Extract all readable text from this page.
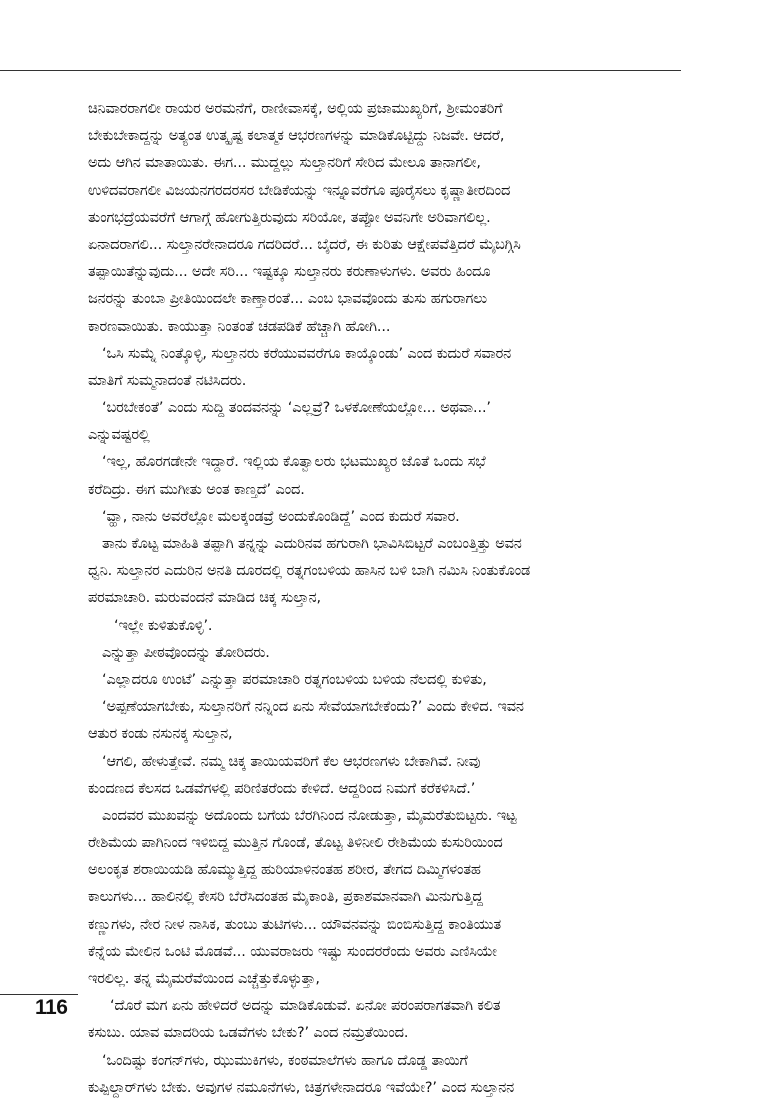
ಚಿನಿವಾರರಾಗಲೀ ರಾಯರ ಅರಮನೆಗೆ, ರಾಣೀವಾಸಕ್ಕೆ, ಅಲ್ಲಿಯ ಪ್ರಜಾಮುಖ್ಯರಿಗೆ, ಶ್ರೀಮಂತರಿಗೆ
ಬೇಕುಬೇಕಾದ್ದನ್ನು ಅತ್ಯಂತ ಉತ್ಕೃಷ್ಟ ಕಲಾತ್ಮಕ ಆಭರಣಗಳನ್ನು ಮಾಡಿಕೊಟ್ಟಿದ್ದು ನಿಜವೇ. ಆದರೆ,
ಅದು ಆಗಿನ ಮಾತಾಯಿತು. ಈಗ... ಮುದ್ದಲ್ಲು ಸುಲ್ತಾನರಿಗೆ ಸೇರಿದ ಮೇಲೂ ತಾನಾಗಲೀ,
ಉಳಿದವರಾಗಲೀ ವಿಜಯನಗರದರಸರ ಬೇಡಿಕೆಯನ್ನು ಇನ್ನೂವರೆಗೂ ಪೂರೈಸಲು ಕೃಷ್ಣಾತೀರದಿಂದ
ತುಂಗಭದ್ರೆಯವರೆಗೆ ಆಗಾಗ್ಗೆ ಹೋಗುತ್ತಿರುವುದು ಸರಿಯೋ, ತಪ್ಪೋ ಅವನಿಗೇ ಅರಿವಾಗಲಿಲ್ಲ.
ಏನಾದರಾಗಲಿ... ಸುಲ್ತಾನರೇನಾದರೂ ಗದರಿದರೆ... ಬೈದರೆ, ಈ ಕುರಿತು ಆಕ್ಷೇಪವೆತ್ತಿದರೆ ಮೈಬಗ್ಗಿಸಿ
ತಪ್ಪಾಯಿತೆನ್ನುವುದು... ಅದೇ ಸರಿ... ಇಷ್ಟಕ್ಕೂ ಸುಲ್ತಾನರು ಕರುಣಾಳುಗಳು. ಅವರು ಹಿಂದೂ
ಜನರನ್ನು ತುಂಬಾ ಪ್ರೀತಿಯಿಂದಲೇ ಕಾಣ್ತಾರಂತೆ... ಎಂಬ ಭಾವವೊಂದು ತುಸು ಹಗುರಾಗಲು
ಕಾರಣವಾಯಿತು. ಕಾಯುತ್ತಾ ನಿಂತಂತೆ ಚಡಪಡಿಕೆ ಹೆಚ್ಚಾಗಿ ಹೋಗಿ...
‘ಒಸಿ ಸುಮ್ನೆ ನಿಂತ್ಕೊಳ್ಳಿ, ಸುಲ್ತಾನರು ಕರೆಯುವವರೆಗೂ ಕಾಯ್ಕೊಂಡು’ ಎಂದ ಕುದುರೆ ಸವಾರನ
ಮಾತಿಗೆ ಸುಮ್ಮನಾದಂತೆ ನಟಿಸಿದರು.
‘ಬರಬೇಕಂತೆ’ ಎಂದು ಸುದ್ದಿ ತಂದವನನ್ನು ‘ಎಲ್ಲವ್ರೆ? ಒಳಕೋಣೆಯಲ್ಲೋ... ಅಥವಾ...’
ಎನ್ನುವಷ್ಟರಲ್ಲಿ
‘ಇಲ್ಲ, ಹೊರಗಡೇನೇ ಇದ್ದಾರೆ. ಇಲ್ಲಿಯ ಕೊತ್ವಾಲರು ಭಟಮುಖ್ಯರ ಜೊತೆ ಒಂದು ಸಭೆ
ಕರೆದಿದ್ರು. ಈಗ ಮುಗೀತು ಅಂತ ಕಾಣ್ತದೆ’ ಎಂದ.
‘ವ್ಹಾ, ನಾನು ಅವರೆಲ್ಲೋ ಮಲಕ್ಕಂಡವ್ರೆ ಅಂದುಕೊಂಡಿದ್ದೆ’ ಎಂದ ಕುದುರೆ ಸವಾರ.
ತಾನು ಕೊಟ್ಟ ಮಾಹಿತಿ ತಪ್ಪಾಗಿ ತನ್ನನ್ನು ಎದುರಿನವ ಹಗುರಾಗಿ ಭಾವಿಸಿಬಿಟ್ಟರೆ ಎಂಬಂತ್ತಿತ್ತು ಅವನ
ಧ್ವನಿ. ಸುಲ್ತಾನರ ಎದುರಿನ ಅನತಿ ದೂರದಲ್ಲಿ ರತ್ನಗಂಬಳಿಯ ಹಾಸಿನ ಬಳಿ ಬಾಗಿ ನಮಿಸಿ ನಿಂತುಕೊಂಡ
ಪರಮಾಚಾರಿ. ಮರುವಂದನೆ ಮಾಡಿದ ಚಿಕ್ಕ ಸುಲ್ತಾನ,
‘ಇಲ್ಲೇ ಕುಳಿತುಕೊಳ್ಳಿ’.
ಎನ್ನುತ್ತಾ ಪೀಠವೊಂದನ್ನು ತೋರಿದರು.
‘ಎಲ್ಲಾದರೂ ಉಂಟೆ’ ಎನ್ನುತ್ತಾ ಪರಮಾಚಾರಿ ರತ್ನಗಂಬಳಿಯ ಬಳಿಯ ನೆಲದಲ್ಲಿ ಕುಳಿತು,
‘ಅಪ್ಪಣೆಯಾಗಬೇಕು, ಸುಲ್ತಾನರಿಗೆ ನನ್ನಿಂದ ಏನು ಸೇವೆಯಾಗಬೇಕೆಂದು?’ ಎಂದು ಕೇಳಿದ. ಇವನ
ಆತುರ ಕಂಡು ನಸುನಕ್ಕ ಸುಲ್ತಾನ,
‘ಆಗಲಿ, ಹೇಳುತ್ತೇವೆ. ನಮ್ಮ ಚಿಕ್ಕ ತಾಯಿಯವರಿಗೆ ಕೆಲ ಆಭರಣಗಳು ಬೇಕಾಗಿವೆ. ನೀವು
ಕುಂದಣದ ಕೆಲಸದ ಒಡವೆಗಳಲ್ಲಿ ಪರಿಣಿತರೆಂದು ಕೇಳಿದೆ. ಆದ್ದರಿಂದ ನಿಮಗೆ ಕರೆಕಳಿಸಿದೆ.’
ಎಂದವರ ಮುಖವನ್ನು ಅದೊಂದು ಬಗೆಯ ಬೆರಗಿನಿಂದ ನೋಡುತ್ತಾ, ಮೈಮರೆತುಬಿಟ್ಟರು. ಇಟ್ಟ
ರೇಶಿಮೆಯ ಪಾಗಿನಿಂದ ಇಳಿಬಿದ್ದ ಮುತ್ತಿನ ಗೊಂಡೆ, ತೊಟ್ಟ ತಿಳಿನೀಲಿ ರೇಶಿಮೆಯ ಕುಸುರಿಯಿಂದ
ಅಲಂಕೃತ ಶರಾಯಿಯಡಿ ಹೊಮ್ಮುತ್ತಿದ್ದ ಹುರಿಯಾಳಿನಂತಹ ಶರೀರ, ತೇಗದ ದಿಮ್ಮಿಗಳಂತಹ
ಕಾಲುಗಳು... ಹಾಲಿನಲ್ಲಿ ಕೇಸರಿ ಬೆರೆಸಿದಂತಹ ಮೈಕಾಂತಿ, ಪ್ರಕಾಶಮಾನವಾಗಿ ಮಿನುಗುತ್ತಿದ್ದ
ಕಣ್ಣುಗಳು, ನೇರ ನೀಳ ನಾಸಿಕ, ತುಂಬು ತುಟಿಗಳು... ಯೌವನವನ್ನು ಬಿಂಬಿಸುತ್ತಿದ್ದ ಕಾಂತಿಯುತ
ಕೆನ್ನೆಯ ಮೇಲಿನ ಒಂಟಿ ಮೊಡವೆ... ಯುವರಾಜರು ಇಷ್ಟು ಸುಂದರರೆಂದು ಅವರು ಎಣಿಸಿಯೇ
ಇರಲಿಲ್ಲ. ತನ್ನ ಮೈಮರೆವೆಯಿಂದ ಎಚ್ಚೆತ್ತುಕೊಳ್ಳುತ್ತಾ,
‘ದೊರೆ ಮಗ ಏನು ಹೇಳಿದರೆ ಅದನ್ನು ಮಾಡಿಕೊಡುವೆ. ಏನೋ ಪರಂಪರಾಗತವಾಗಿ ಕಲಿತ
ಕಸುಬು. ಯಾವ ಮಾದರಿಯ ಒಡವೆಗಳು ಬೇಕು?’ ಎಂದ ನಮ್ರತೆಯಿಂದ.
‘ಒಂದಿಷ್ಟು ಕಂಗನ್‌ಗಳು, ಝುಮುಕಿಗಳು, ಕಂಠಮಾಲೆಗಳು ಹಾಗೂ ದೊಡ್ಡ ತಾಯಿಗೆ
ಕುಪ್ಪಿಲ್ದಾರ್‌ಗಳು ಬೇಕು. ಅವುಗಳ ನಮೂನೆಗಳು, ಚಿತ್ರಗಳೇನಾದರೂ ಇವೆಯೇ?’ ಎಂದ ಸುಲ್ತಾನನ
116
